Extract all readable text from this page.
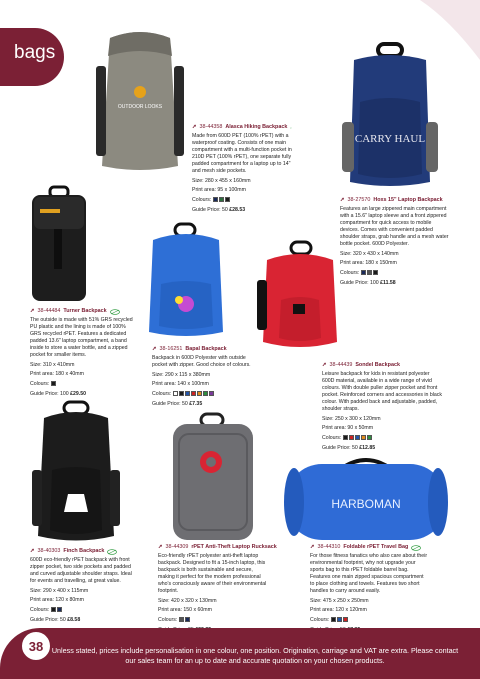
bags
OUTDOOR LOOKS
CARRY HAUL
HARBOMAN
➚ 38-44358 Alasca Hiking Backpack

Made from 600D PET (100% rPET) with a waterproof coating. Consists of one main compartment with a multi-function pocket in 210D PET (100% rPET), one separate fully padded compartment for a laptop up to 14" and mesh side pockets.

Size: 280 x 455 x 160mm

Print area: 95 x 100mm

Colours:

Guide Price: 50 £28.53

➚ 38-27570 Hoxs 15" Laptop Backpack

Features an large zippered main compartment with a 15.6" laptop sleeve and a front zippered compartment for quick access to mobile devices. Comes with convenient padded shoulder straps, grab handle and a mesh water bottle pocket. 600D Polyester.

Size: 320 x 430 x 140mm

Print area: 180 x 150mm

Colours:

Guide Price: 100 £11.58

➚ 38-44484 Turner Backpack

The outside is made with 51% GRS recycled PU plastic and the lining is made of 100% GRS recycled rPET. Features a dedicated padded 13.6" laptop compartment, a band inside to store a water bottle, and a zipped pocket for smaller items.

Size: 310 x 410mm

Print area: 180 x 40mm

Colours:

Guide Price: 100 £29.50

➚ 38-16251 Bapal Backpack

Backpack in 600D Polyester with outside pocket with zipper. Good choice of colours.

Size: 290 x 115 x 380mm

Print area: 140 x 100mm

Colours:

Guide Price: 50 £7.35

➚ 38-44439 Sondel Backpack

Leisure backpack for kids in resistant polyester 600D material, available in a wide range of vivid colours. With double puller zipper pocket and front pocket. Reinforced corners and accessories in black colour. With padded back and adjustable, padded, shoulder straps.

Size: 250 x 300 x 120mm

Print area: 90 x 50mm

Colours:

Guide Price: 50 £12.85

➚ 38-40303 Finch Backpack

600D eco-friendly rPET backpack with front zipper pocket, two side pockets and padded and curved adjustable shoulder straps. Ideal for events and travelling, at great value.

Size: 290 x 400 x 115mm

Print area: 120 x 80mm

Colours:

Guide Price: 50 £8.58

➚ 38-44309 rPET Anti-Theft Laptop Rucksack

Eco-friendly rPET polyester anti-theft laptop backpack. Designed to fit a 15-inch laptop, this backpack is both sustainable and secure, making it perfect for the modern professional who's consciously aware of their environmental footprint.

Size: 420 x 320 x 130mm

Print area: 150 x 60mm

Colours:

➚ 38-44310 Foldable rPET Travel Bag

For those fitness fanatics who also care about their environmental footprint, why not upgrade your sports bag to this rPET foldable barrel bag. Features one main zipped spacious compartment to place clothing and towels. Features two short handles to carry around easily.

Size: 475 x 250 x 250mm

Print area: 120 x 120mm

Colours:

Unless stated, prices include personalisation in one colour, one position. Origination, carriage and VAT are extra. Please contact our sales team for an up to date and accurate quotation on your chosen products.
38
